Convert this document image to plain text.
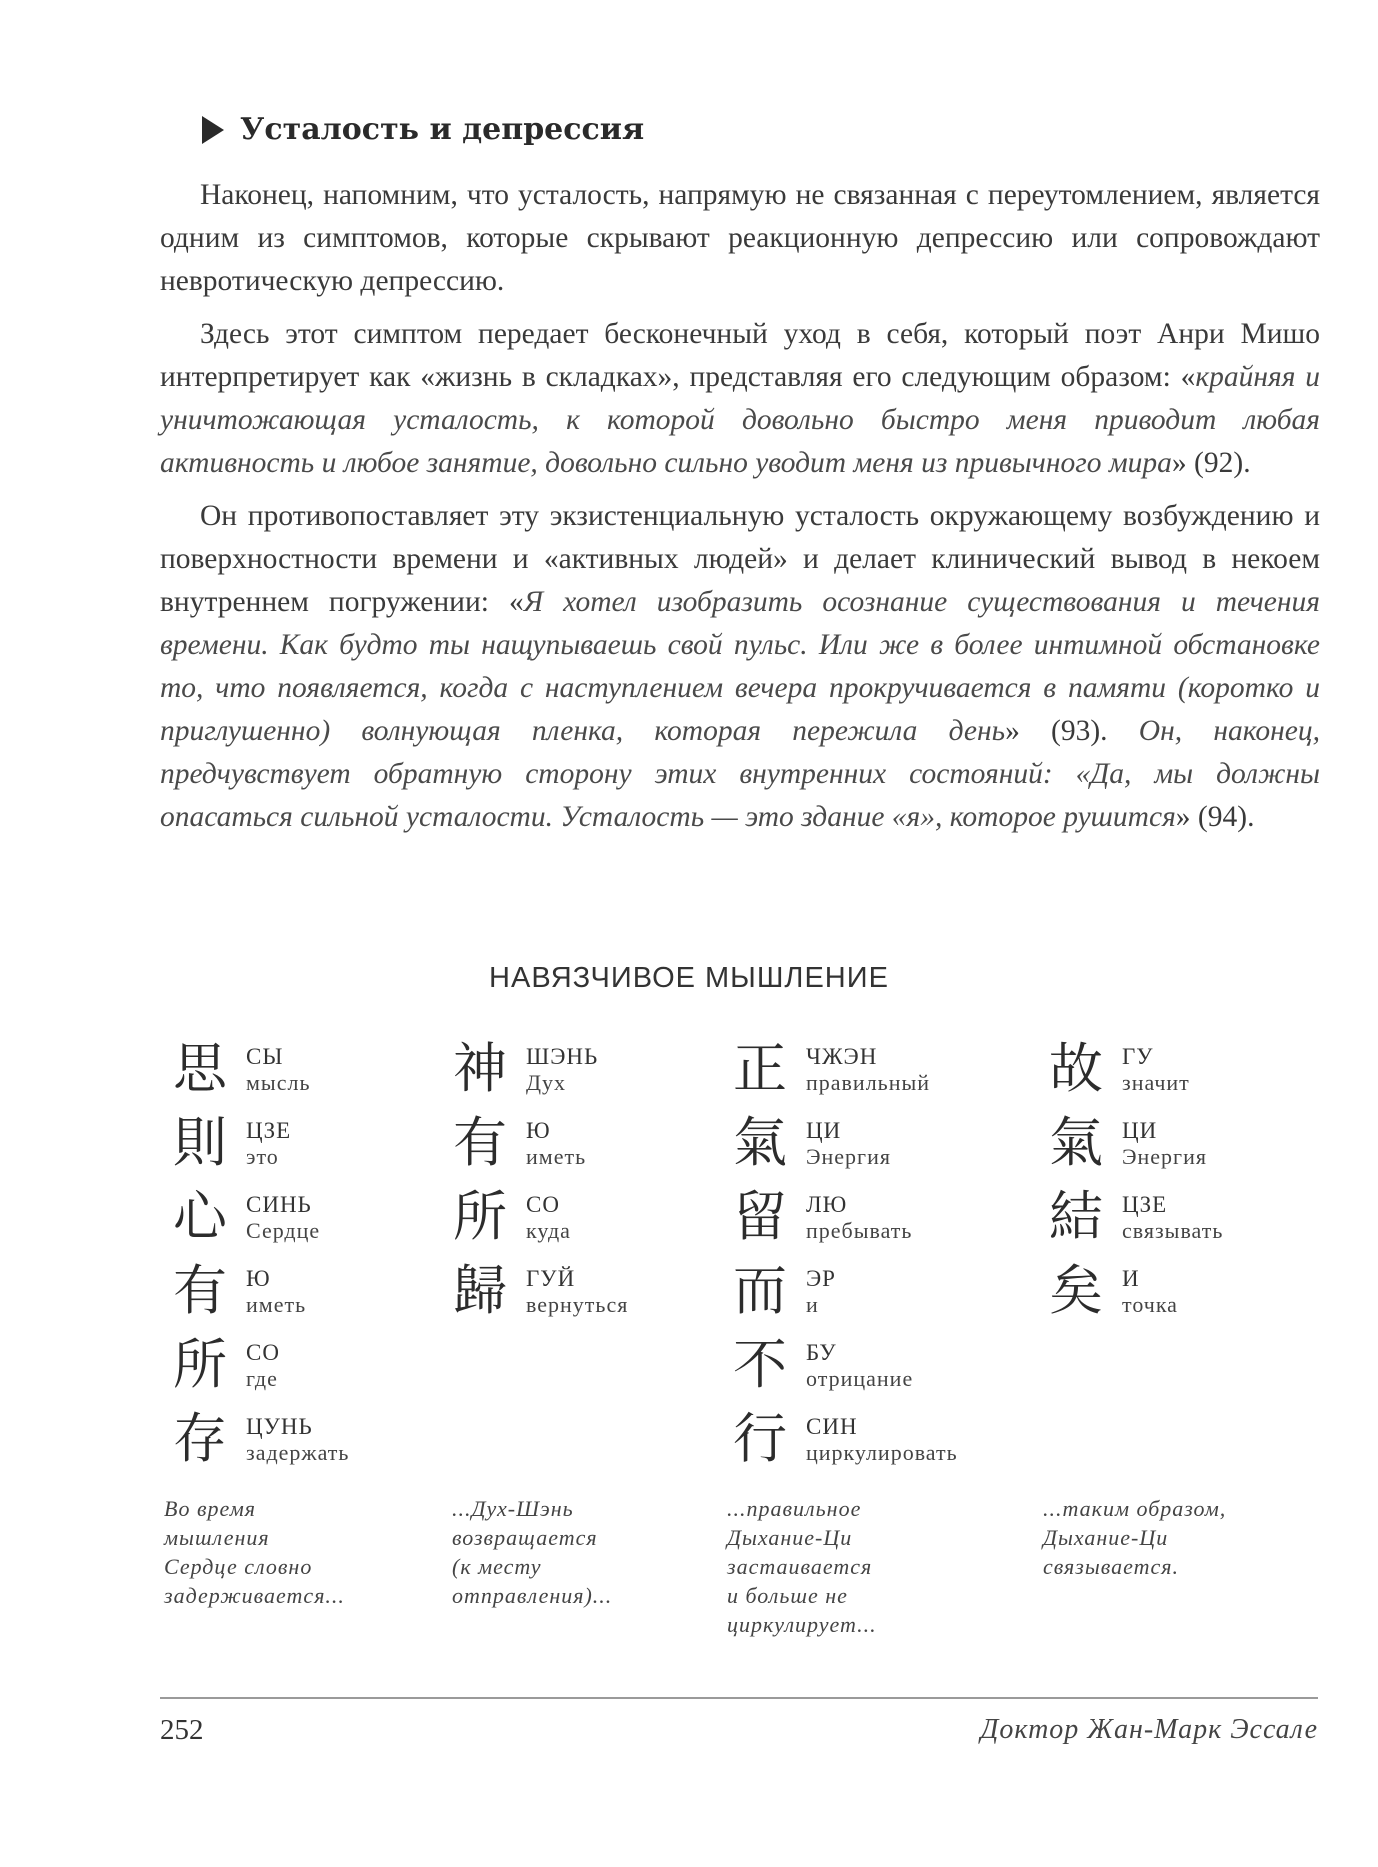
Усталость и депрессия

Наконец, напомним, что усталость, напрямую не связанная с переутомлением, является одним из симптомов, которые скрывают реакционную депрессию или сопровождают невротическую депрессию.

Здесь этот симптом передает бесконечный уход в себя, который поэт Анри Мишо интерпретирует как «жизнь в складках», представляя его следующим образом: «крайняя и уничтожающая усталость, к которой довольно быстро меня приводит любая активность и любое занятие, довольно сильно уводит меня из привычного мира» (92).

Он противопоставляет эту экзистенциальную усталость окружающему возбуждению и поверхностности времени и «активных людей» и делает клинический вывод в некоем внутреннем погружении: «Я хотел изобразить осознание существования и течения времени. Как будто ты нащупываешь свой пульс. Или же в более интимной обстановке то, что появляется, когда с наступлением вечера прокручивается в памяти (коротко и приглушенно) волнующая пленка, которая пережила день» (93). Он, наконец, предчувствует обратную сторону этих внутренних состояний: «Да, мы должны опасаться сильной усталости. Усталость — это здание «я», которое рушится» (94).

НАВЯЗЧИВОЕ МЫШЛЕНИЕ
思 СЫ
мысль
則 ЦЗЕ
это
心 СИНЬ
Сердце
有 Ю
иметь
所 СО
где
存 ЦУНЬ
задержать
神 ШЭНЬ
Дух
有 Ю
иметь
所 СО
куда
歸 ГУЙ
вернуться
正 ЧЖЭН
правильный
氣 ЦИ
Энергия
留 ЛЮ
пребывать
而 ЭР
и
不 БУ
отрицание
行 СИН
циркулировать
故 ГУ
значит
氣 ЦИ
Энергия
結 ЦЗЕ
связывать
矣 И
точка
Во время
мышления
Сердце словно
задерживается...
...Дух-Шэнь
возвращается
(к месту
отправления)...
...правильное
Дыхание-Ци
застаивается
и больше не
циркулирует...
...таким образом,
Дыхание-Ци
связывается.
252	Доктор Жан-Марк Эссале
